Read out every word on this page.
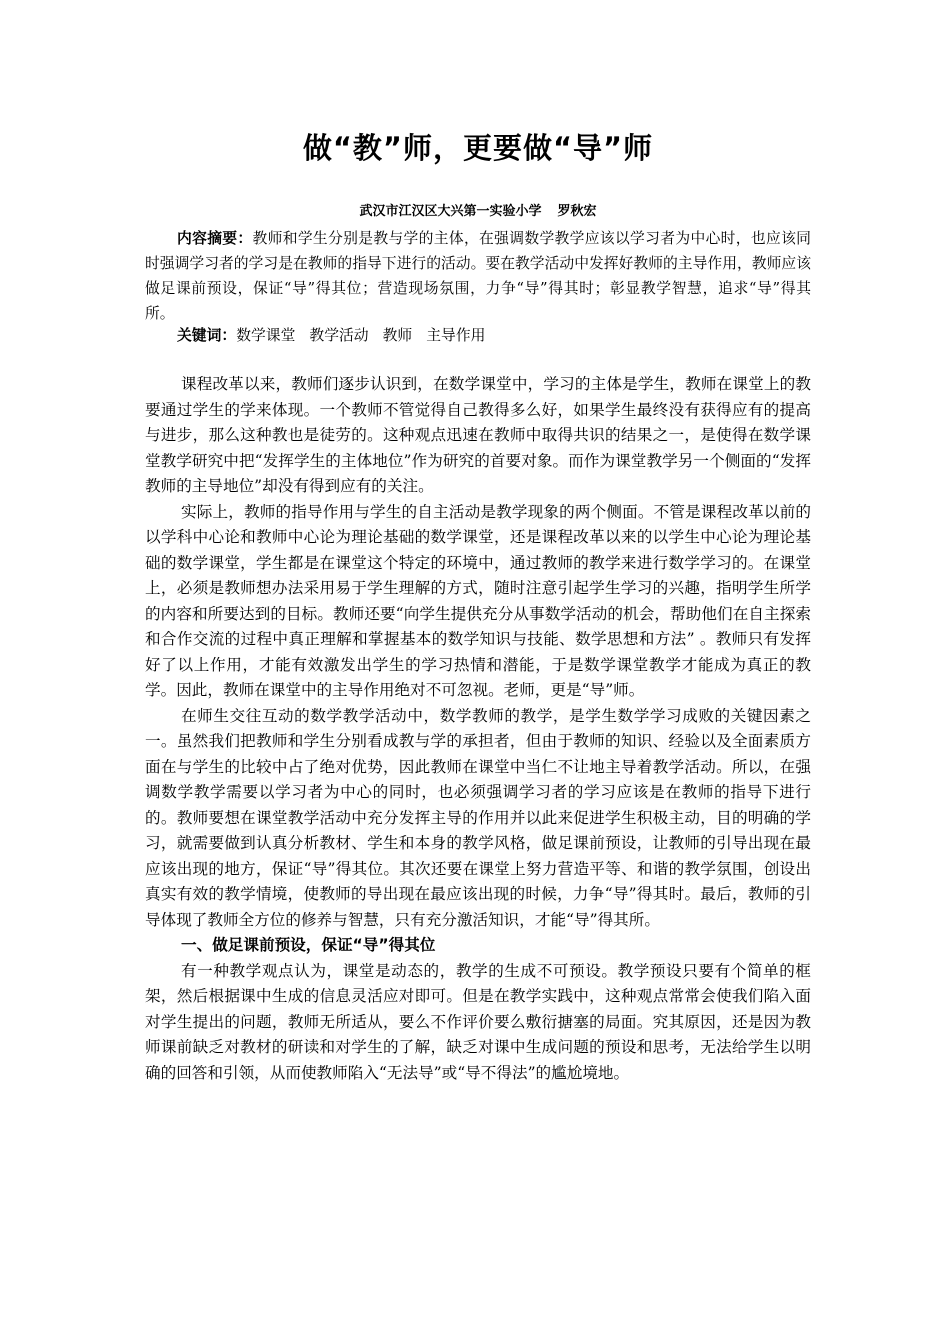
做“教”师，更要做“导”师
武汉市江汉区大兴第一实验小学 罗秋宏
内容摘要：教师和学生分别是教与学的主体，在强调数学教学应该以学习者为中心时，也应该同时强调学习者的学习是在教师的指导下进行的活动。要在教学活动中发挥好教师的主导作用，教师应该做足课前预设，保证“导”得其位；营造现场氛围，力争“导”得其时；彰显教学智慧，追求“导”得其所。
关键词：数学课堂 教学活动 教师 主导作用

课程改革以来，教师们逐步认识到，在数学课堂中，学习的主体是学生，教师在课堂上的教要通过学生的学来体现。一个教师不管觉得自己教得多么好，如果学生最终没有获得应有的提高与进步，那么这种教也是徒劳的。这种观点迅速在教师中取得共识的结果之一，是使得在数学课堂教学研究中把“发挥学生的主体地位”作为研究的首要对象。而作为课堂教学另一个侧面的“发挥教师的主导地位”却没有得到应有的关注。

实际上，教师的指导作用与学生的自主活动是教学现象的两个侧面。不管是课程改革以前的以学科中心论和教师中心论为理论基础的数学课堂，还是课程改革以来的以学生中心论为理论基础的数学课堂，学生都是在课堂这个特定的环境中，通过教师的教学来进行数学学习的。在课堂上，必须是教师想办法采用易于学生理解的方式，随时注意引起学生学习的兴趣，指明学生所学的内容和所要达到的目标。教师还要“向学生提供充分从事数学活动的机会，帮助他们在自主探索和合作交流的过程中真正理解和掌握基本的数学知识与技能、数学思想和方法” 。教师只有发挥好了以上作用，才能有效激发出学生的学习热情和潜能，于是数学课堂教学才能成为真正的教学。因此，教师在课堂中的主导作用绝对不可忽视。老师，更是“导”师。

在师生交往互动的数学教学活动中，数学教师的教学，是学生数学学习成败的关键因素之一。虽然我们把教师和学生分别看成教与学的承担者，但由于教师的知识、经验以及全面素质方面在与学生的比较中占了绝对优势，因此教师在课堂中当仁不让地主导着教学活动。所以，在强调数学教学需要以学习者为中心的同时，也必须强调学习者的学习应该是在教师的指导下进行的。教师要想在课堂教学活动中充分发挥主导的作用并以此来促进学生积极主动，目的明确的学习，就需要做到认真分析教材、学生和本身的教学风格，做足课前预设，让教师的引导出现在最应该出现的地方，保证“导”得其位。其次还要在课堂上努力营造平等、和谐的教学氛围，创设出真实有效的教学情境，使教师的导出现在最应该出现的时候，力争“导”得其时。最后，教师的引导体现了教师全方位的修养与智慧，只有充分激活知识，才能“导”得其所。

一、做足课前预设，保证“导”得其位

有一种教学观点认为，课堂是动态的，教学的生成不可预设。教学预设只要有个简单的框架，然后根据课中生成的信息灵活应对即可。但是在教学实践中，这种观点常常会使我们陷入面对学生提出的问题，教师无所适从，要么不作评价要么敷衍搪塞的局面。究其原因，还是因为教师课前缺乏对教材的研读和对学生的了解，缺乏对课中生成问题的预设和思考，无法给学生以明确的回答和引领，从而使教师陷入“无法导”或“导不得法”的尴尬境地。
